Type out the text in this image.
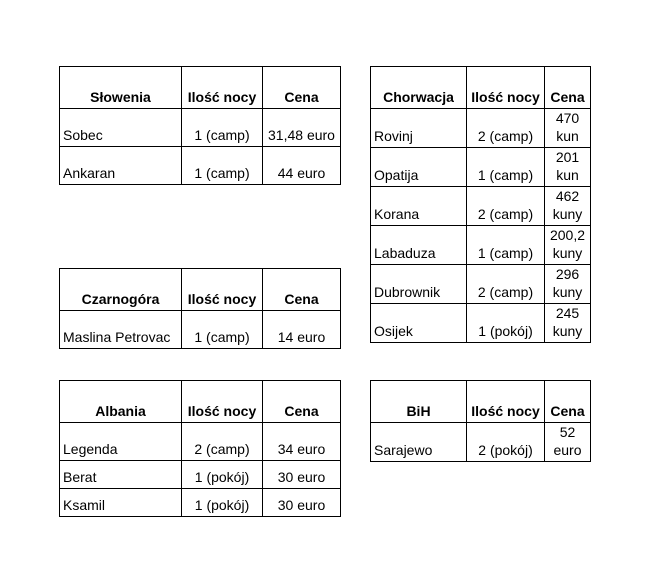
Słowenia	Ilość nocy	Cena
Sobec	1 (camp)	31,48 euro
Ankaran	1 (camp)	44 euro
Chorwacja	Ilość nocy	Cena
Rovinj	2 (camp)	470 kun
Opatija	1 (camp)	201 kun
Korana	2 (camp)	462 kuny
Labaduza	1 (camp)	200,2 kuny
Dubrownik	2 (camp)	296 kuny
Osijek	1 (pokój)	245 kuny
Czarnogóra	Ilość nocy	Cena
Maslina Petrovac	1 (camp)	14 euro
Albania	Ilość nocy	Cena
Legenda	2 (camp)	34 euro
Berat	1 (pokój)	30 euro
Ksamil	1 (pokój)	30 euro
BiH	Ilość nocy	Cena
Sarajewo	2 (pokój)	52 euro
